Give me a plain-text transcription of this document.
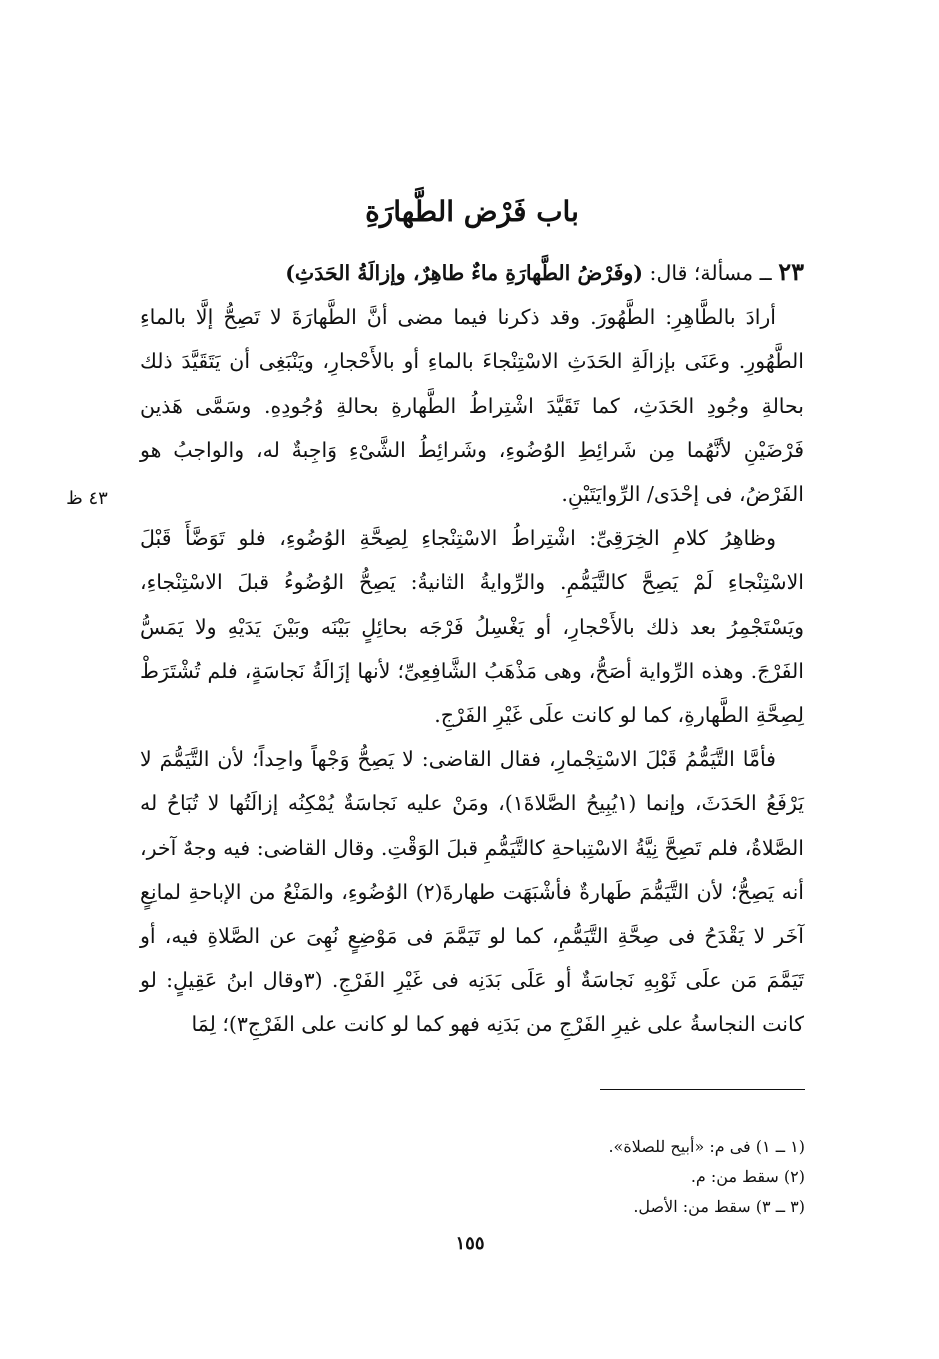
باب فَرْض الطَّهارَةِ
٤٣ ظ

٢٣ ــ مسألة؛ قال: (وفَرْضُ الطَّهارَةِ ماءٌ طاهِرٌ، وإزالَةُ الحَدَثِ)

أرادَ بالطَّاهِرِ: الطَّهُورَ. وقد ذكرنا فيما مضى أنَّ الطَّهارَةَ لا تَصِحُّ إلَّا بالماءِ الطَّهُورِ. وعَنَى بإزالَةِ الحَدَثِ الاسْتِنْجاءَ بالماءِ أو بالأَحْجارِ، ويَنْبَغِى أن يَتَقَيَّدَ ذلك بحالةِ وجُودِ الحَدَثِ، كما تَقَيَّدَ اشْتِراطُ الطَّهارةِ بحالةِ وُجُودِهِ. وسَمَّى هَذين فَرْضَيْنِ لأنَّهُما مِن شَرائِطِ الوُضُوءِ، وشَرائِطُ الشَّىْءِ وَاجِبةٌ له، والواجبُ هو الفَرْضُ، فى إحْدَى/ الرِّوايَتَيْنِ.

وظاهِرُ كلامِ الخِرَقِىِّ: اشْتِراطُ الاسْتِنْجاءِ لِصِحَّةِ الوُضُوءِ، فلو تَوَضَّأَ قَبْلَ الاسْتِنْجاءِ لَمْ يَصِحَّ كالتَّيَمُّمِ. والرِّوايةُ الثانيةُ: يَصِحُّ الوُضُوءُ قبلَ الاسْتِنْجاءِ، ويَسْتَجْمِرُ بعد ذلك بالأَحْجارِ، أو يَغْسِلُ فَرْجَه بحائِلٍ بَيْنَه وبَيْنَ يَدَيْهِ ولا يَمَسُّ الفَرْجَ. وهذه الرِّواية أصَحُّ، وهى مَذْهَبُ الشَّافِعِىِّ؛ لأنها إزَالَةُ نَجاسَةٍ، فلم تُشْتَرَطْ لِصِحَّةِ الطَّهارةِ، كما لو كانت علَى غَيْرِ الفَرْجِ.

فأمَّا التَّيَمُّمُ قَبْلَ الاسْتِجْمارِ، فقال القاضى: لا يَصِحُّ وَجْهاً واحِداً؛ لأن التَّيَمُّمَ لا يَرْفَعُ الحَدَثَ، وإنما (١يُبِيحُ الصَّلاةَ١)، ومَنْ عليه نَجاسَةٌ يُمْكِنُه إزالَتُها لا تُبَاحُ له الصَّلاةُ، فلم تَصِحَّ نِيَّةُ الاسْتِباحةِ كالتَّيَمُّمِ قبلَ الوَقْتِ. وقال القاضى: فيه وجهٌ آخر، أنه يَصِحُّ؛ لأن التَّيَمُّمَ طَهارةٌ فأشْبَهَت طهارةَ(٢) الوُضُوءِ، والمَنْعُ من الإباحةِ لمانِعٍ آخَر لا يَقْدَحُ فى صِحَّةِ التَّيَمُّمِ، كما لو تَيَمَّمَ فى مَوْضِعٍ نُهِىَ عن الصَّلاةِ فيه، أو تَيَمَّمَ مَن علَى ثَوْبِهِ نَجاسَةٌ أو عَلَى بَدَنِه فى غَيْرِ الفَرْجِ. (٣وقال ابنُ عَقِيلٍ: لو كانت النجاسةُ على غيرِ الفَرْجِ من بَدَنِه فهو كما لو كانت على الفَرْجِ٣)؛ لِمَا

(١ ــ ١) فى م: «أبيح للصلاة».
(٢) سقط من: م.
(٣ ــ ٣) سقط من: الأصل.
١٥٥
